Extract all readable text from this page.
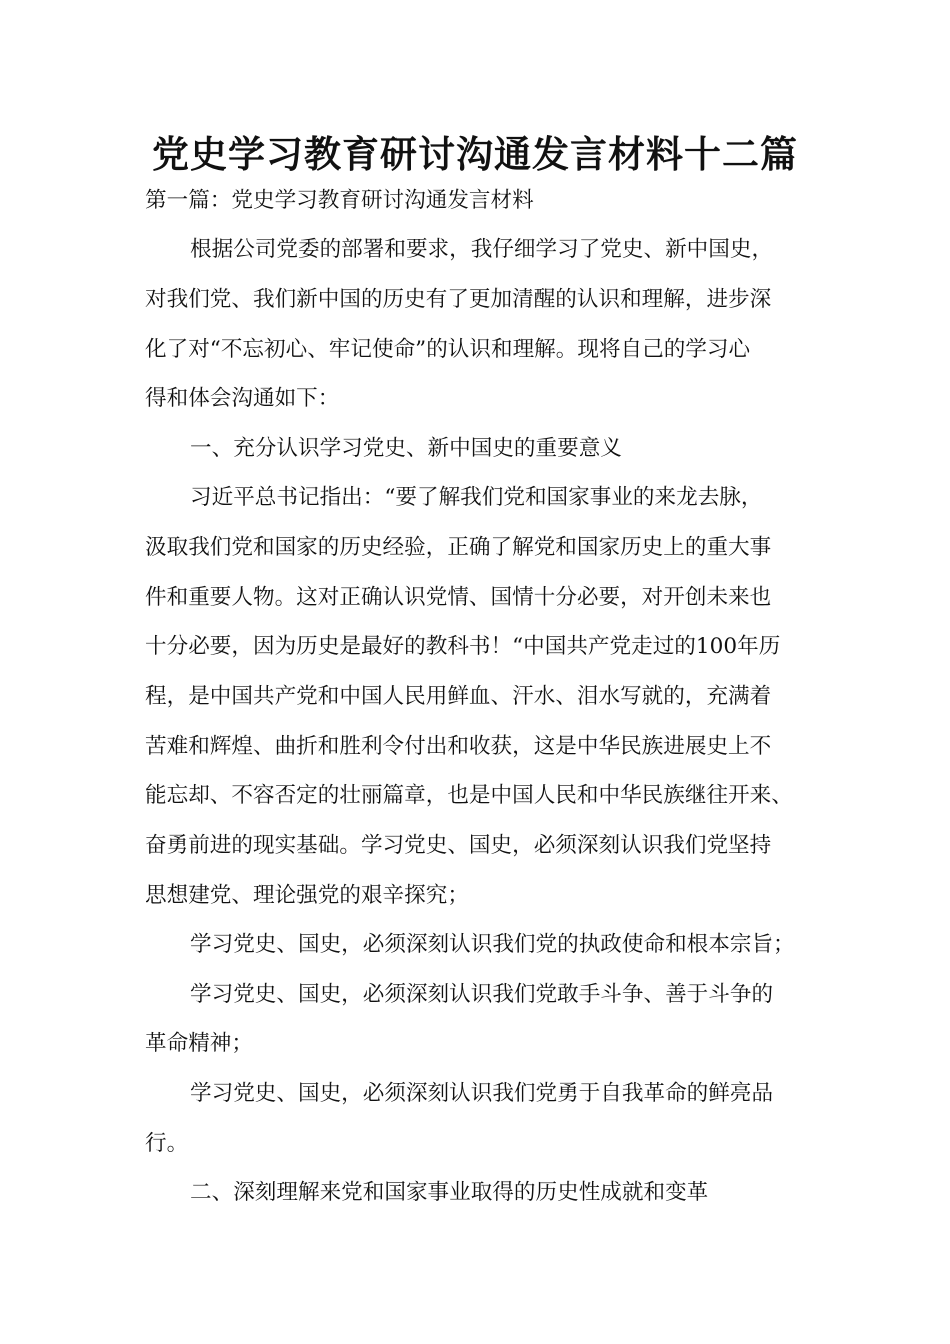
党史学习教育研讨沟通发言材料十二篇

第一篇：党史学习教育研讨沟通发言材料

根据公司党委的部署和要求，我仔细学习了党史、新中国史，

对我们党、我们新中国的历史有了更加清醒的认识和理解，进步深

化了对“不忘初心、牢记使命”的认识和理解。现将自己的学习心

得和体会沟通如下：

一、充分认识学习党史、新中国史的重要意义

习近平总书记指出：“要了解我们党和国家事业的来龙去脉，

汲取我们党和国家的历史经验，正确了解党和国家历史上的重大事

件和重要人物。这对正确认识党情、国情十分必要，对开创未来也

十分必要，因为历史是最好的教科书！“中国共产党走过的100年历

程，是中国共产党和中国人民用鲜血、汗水、泪水写就的，充满着

苦难和辉煌、曲折和胜利令付出和收获，这是中华民族进展史上不

能忘却、不容否定的壮丽篇章，也是中国人民和中华民族继往开来、

奋勇前进的现实基础。学习党史、国史，必须深刻认识我们党坚持

思想建党、理论强党的艰辛探究；

学习党史、国史，必须深刻认识我们党的执政使命和根本宗旨；

学习党史、国史，必须深刻认识我们党敢手斗争、善于斗争的

革命精神；

学习党史、国史，必须深刻认识我们党勇于自我革命的鲜亮品

行。

二、深刻理解来党和国家事业取得的历史性成就和变革
